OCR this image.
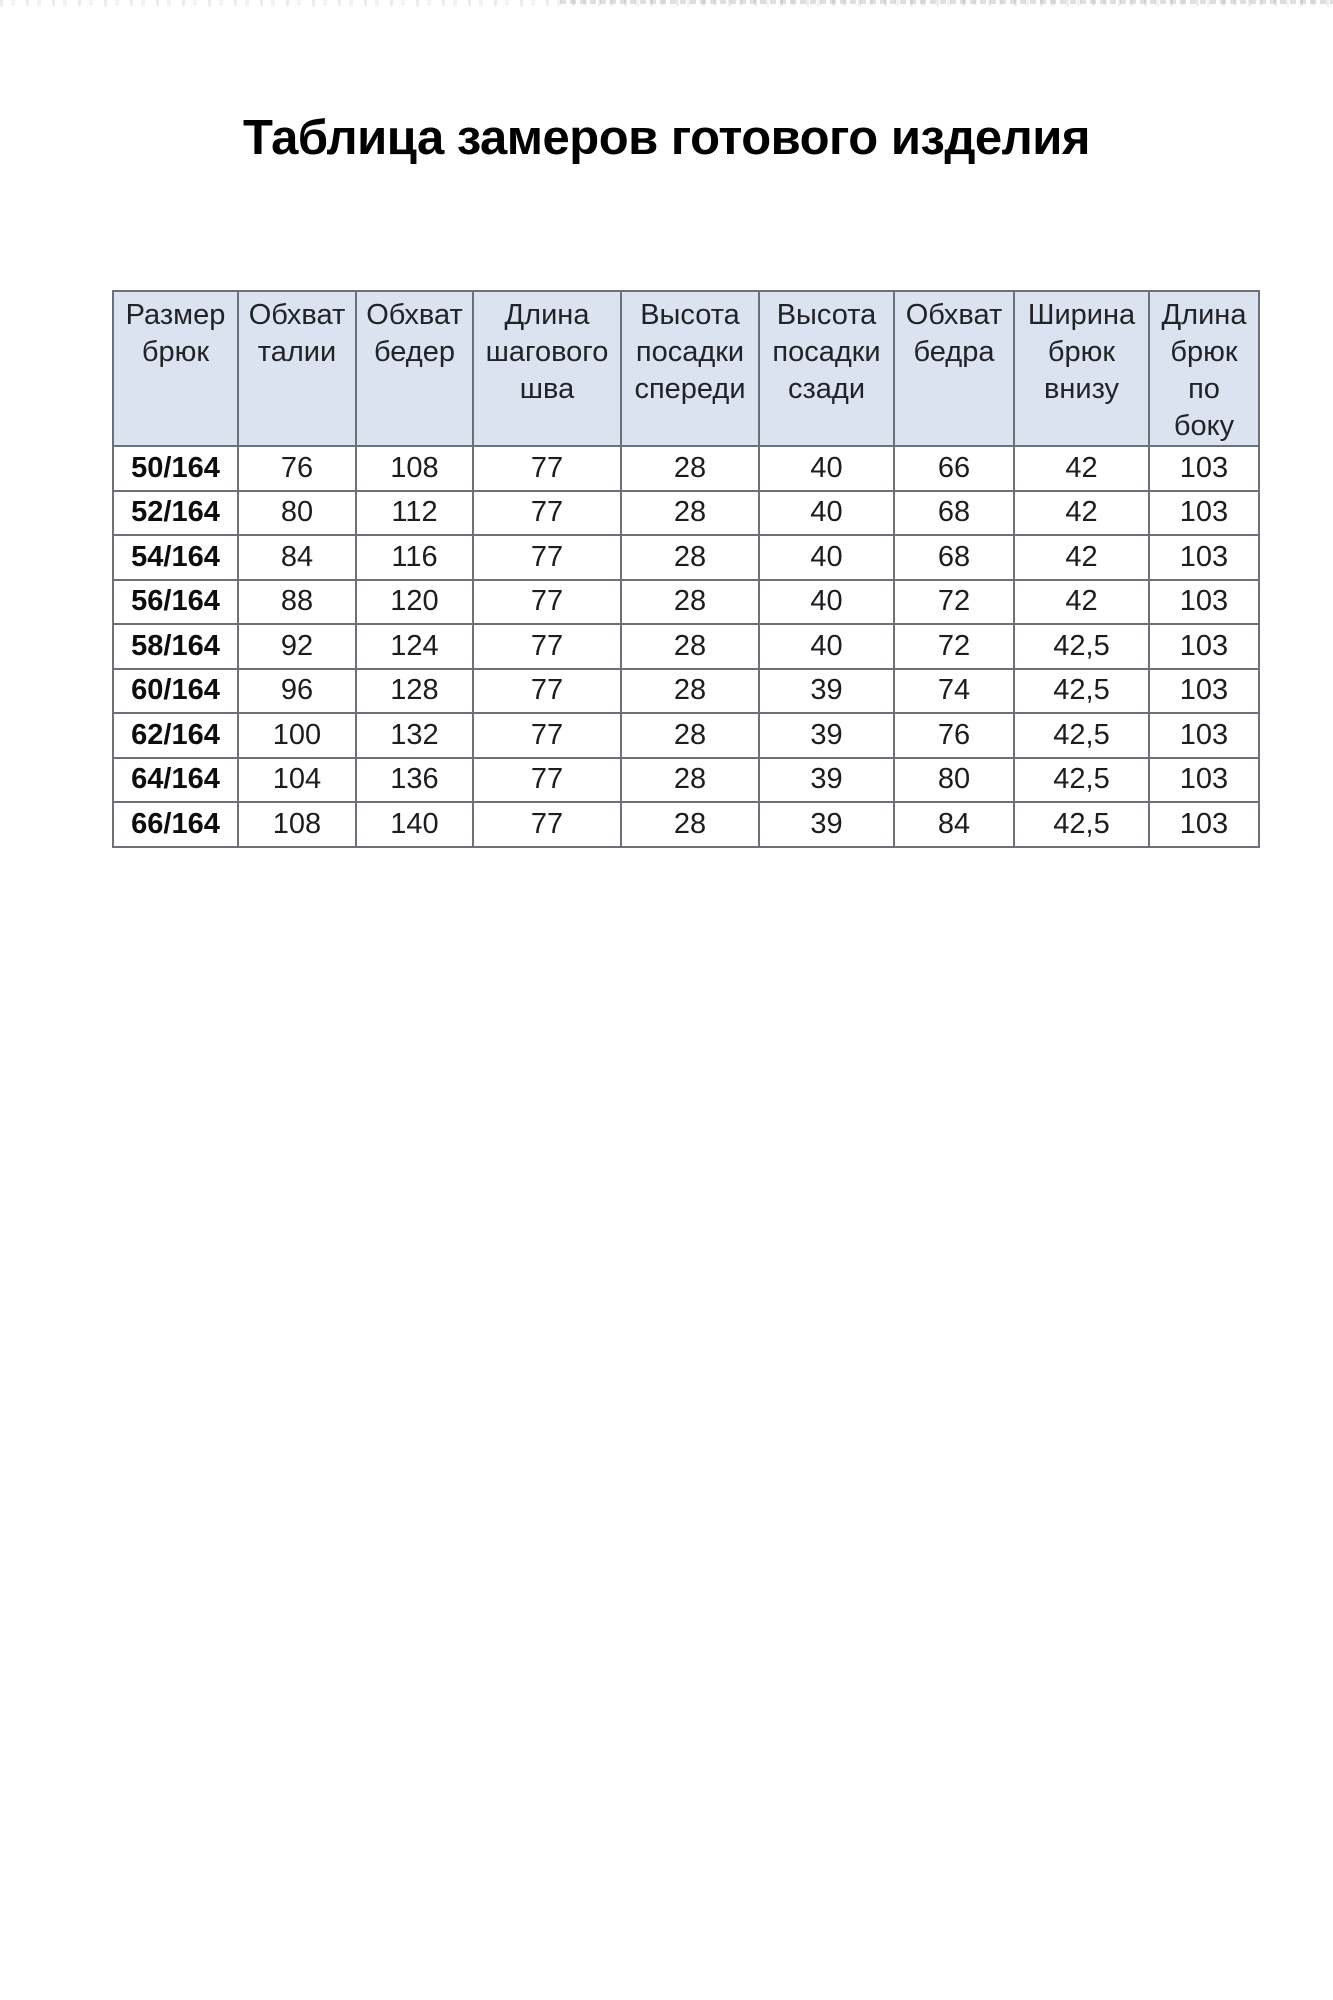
Таблица замеров готового изделия
Размер брюк	Обхват талии	Обхват бедер	Длина шагового шва	Высота посадки спереди	Высота посадки сзади	Обхват бедра	Ширина брюк внизу	Длина брюк по боку
50/164	76	108	77	28	40	66	42	103
52/164	80	112	77	28	40	68	42	103
54/164	84	116	77	28	40	68	42	103
56/164	88	120	77	28	40	72	42	103
58/164	92	124	77	28	40	72	42,5	103
60/164	96	128	77	28	39	74	42,5	103
62/164	100	132	77	28	39	76	42,5	103
64/164	104	136	77	28	39	80	42,5	103
66/164	108	140	77	28	39	84	42,5	103
